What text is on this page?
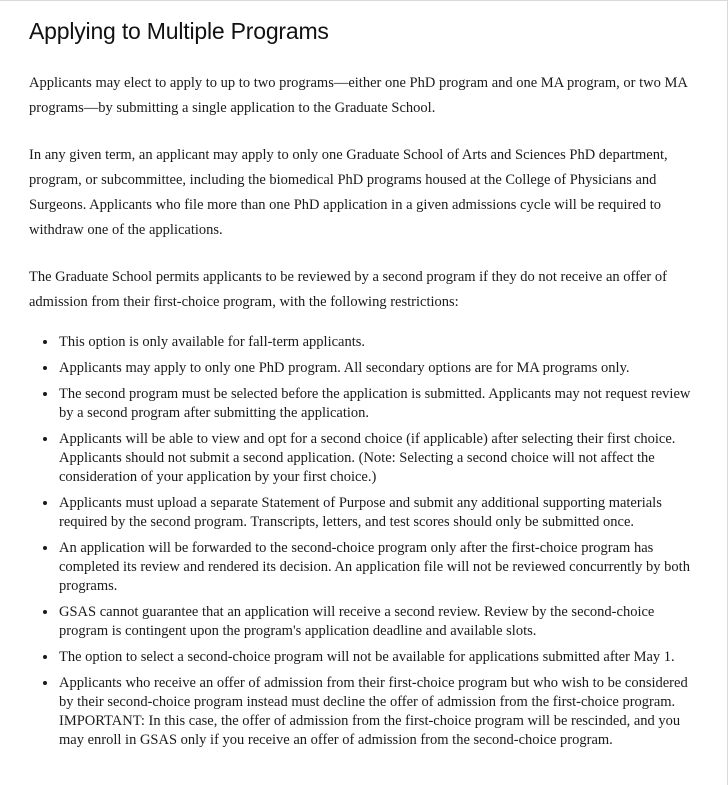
Applying to Multiple Programs

Applicants may elect to apply to up to two programs—either one PhD program and one MA program, or two MA programs—by submitting a single application to the Graduate School.

In any given term, an applicant may apply to only one Graduate School of Arts and Sciences PhD department, program, or subcommittee, including the biomedical PhD programs housed at the College of Physicians and Surgeons. Applicants who file more than one PhD application in a given admissions cycle will be required to withdraw one of the applications.

The Graduate School permits applicants to be reviewed by a second program if they do not receive an offer of admission from their first-choice program, with the following restrictions:

• This option is only available for fall-term applicants.
• Applicants may apply to only one PhD program. All secondary options are for MA programs only.
• The second program must be selected before the application is submitted. Applicants may not request review by a second program after submitting the application.
• Applicants will be able to view and opt for a second choice (if applicable) after selecting their first choice. Applicants should not submit a second application. (Note: Selecting a second choice will not affect the consideration of your application by your first choice.)
• Applicants must upload a separate Statement of Purpose and submit any additional supporting materials required by the second program. Transcripts, letters, and test scores should only be submitted once.
• An application will be forwarded to the second-choice program only after the first-choice program has completed its review and rendered its decision. An application file will not be reviewed concurrently by both programs.
• GSAS cannot guarantee that an application will receive a second review. Review by the second-choice program is contingent upon the program's application deadline and available slots.
• The option to select a second-choice program will not be available for applications submitted after May 1.
• Applicants who receive an offer of admission from their first-choice program but who wish to be considered by their second-choice program instead must decline the offer of admission from the first-choice program. IMPORTANT: In this case, the offer of admission from the first-choice program will be rescinded, and you may enroll in GSAS only if you receive an offer of admission from the second-choice program.
